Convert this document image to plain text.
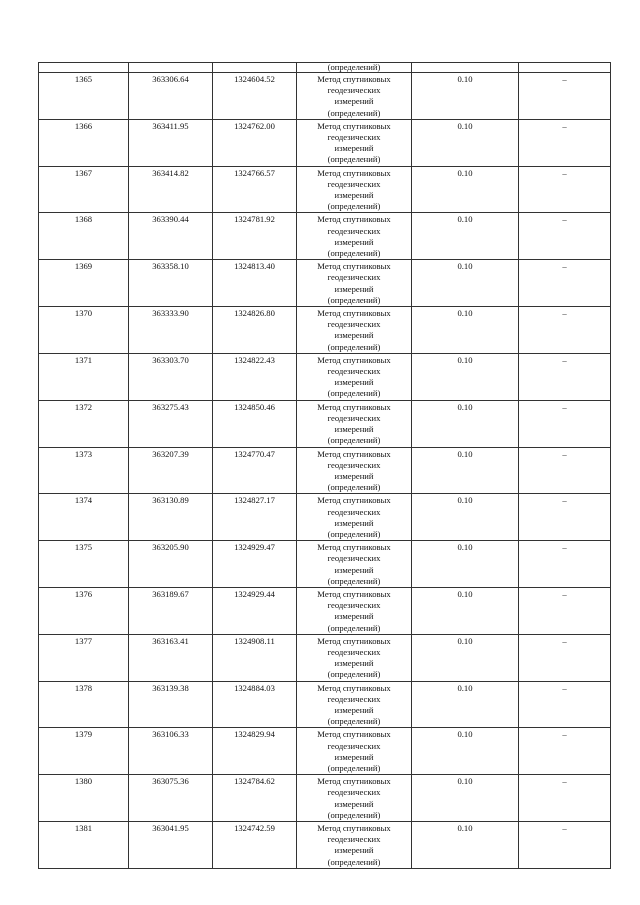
			(определений)		
1365	363306.64	1324604.52	Метод спутниковых
геодезических
измерений
(определений)	0.10	–
1366	363411.95	1324762.00	Метод спутниковых
геодезических
измерений
(определений)	0.10	–
1367	363414.82	1324766.57	Метод спутниковых
геодезических
измерений
(определений)	0.10	–
1368	363390.44	1324781.92	Метод спутниковых
геодезических
измерений
(определений)	0.10	–
1369	363358.10	1324813.40	Метод спутниковых
геодезических
измерений
(определений)	0.10	–
1370	363333.90	1324826.80	Метод спутниковых
геодезических
измерений
(определений)	0.10	–
1371	363303.70	1324822.43	Метод спутниковых
геодезических
измерений
(определений)	0.10	–
1372	363275.43	1324850.46	Метод спутниковых
геодезических
измерений
(определений)	0.10	–
1373	363207.39	1324770.47	Метод спутниковых
геодезических
измерений
(определений)	0.10	–
1374	363130.89	1324827.17	Метод спутниковых
геодезических
измерений
(определений)	0.10	–
1375	363205.90	1324929.47	Метод спутниковых
геодезических
измерений
(определений)	0.10	–
1376	363189.67	1324929.44	Метод спутниковых
геодезических
измерений
(определений)	0.10	–
1377	363163.41	1324908.11	Метод спутниковых
геодезических
измерений
(определений)	0.10	–
1378	363139.38	1324884.03	Метод спутниковых
геодезических
измерений
(определений)	0.10	–
1379	363106.33	1324829.94	Метод спутниковых
геодезических
измерений
(определений)	0.10	–
1380	363075.36	1324784.62	Метод спутниковых
геодезических
измерений
(определений)	0.10	–
1381	363041.95	1324742.59	Метод спутниковых
геодезических
измерений
(определений)	0.10	–
